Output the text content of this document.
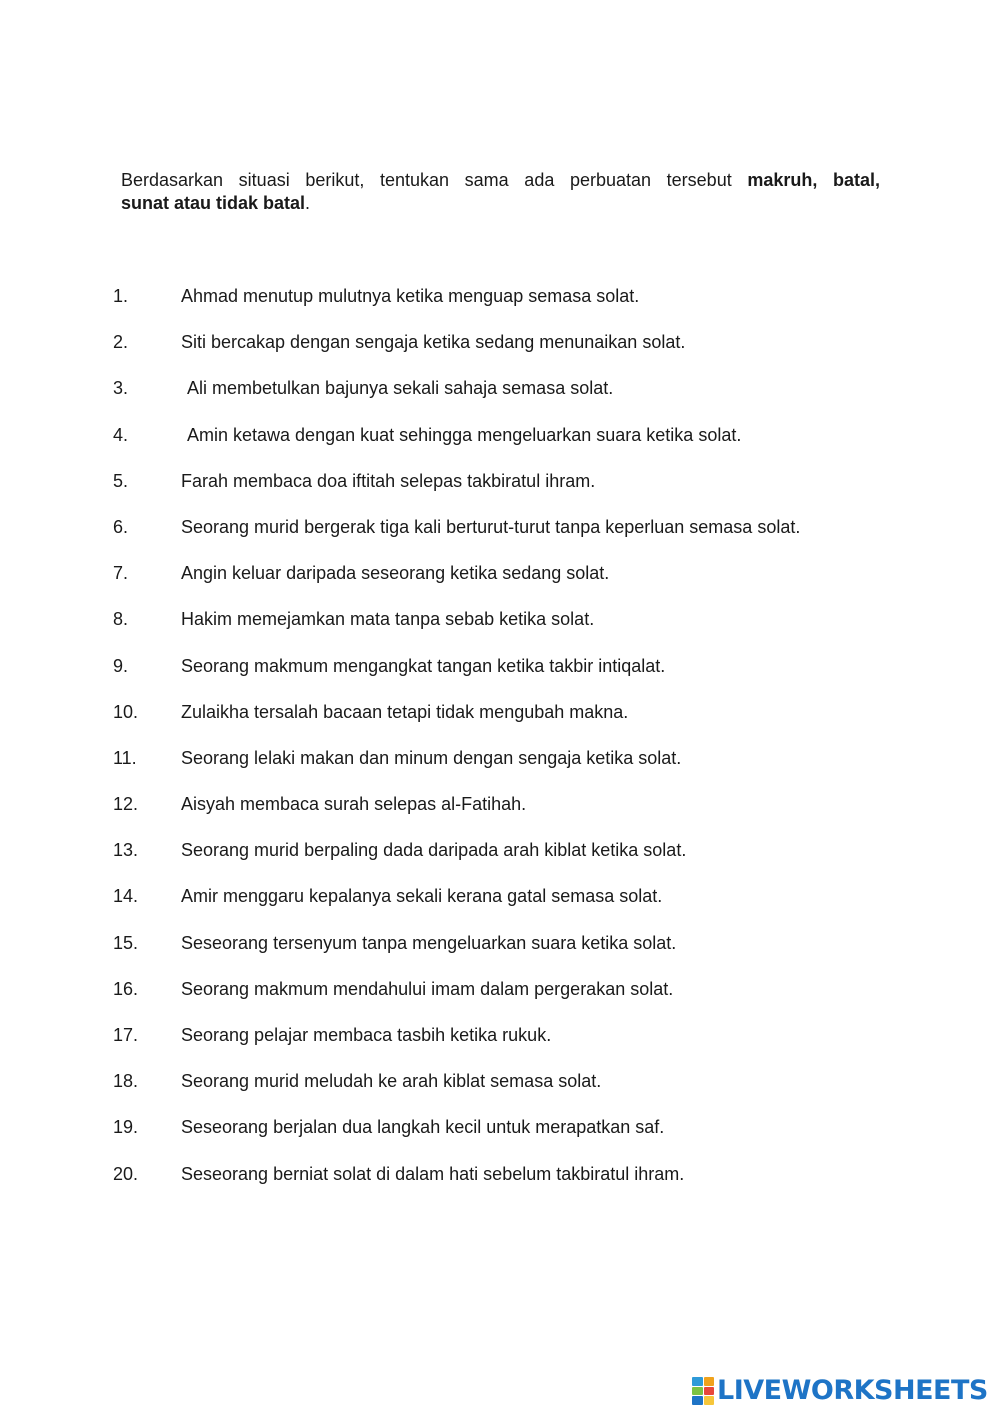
Berdasarkan situasi berikut, tentukan sama ada perbuatan tersebut makruh, batal,
sunat atau tidak batal.
1.	Ahmad menutup mulutnya ketika menguap semasa solat.
2.	Siti bercakap dengan sengaja ketika sedang menunaikan solat.
3.	Ali membetulkan bajunya sekali sahaja semasa solat.
4.	Amin ketawa dengan kuat sehingga mengeluarkan suara ketika solat.
5.	Farah membaca doa iftitah selepas takbiratul ihram.
6.	Seorang murid bergerak tiga kali berturut-turut tanpa keperluan semasa solat.
7.	Angin keluar daripada seseorang ketika sedang solat.
8.	Hakim memejamkan mata tanpa sebab ketika solat.
9.	Seorang makmum mengangkat tangan ketika takbir intiqalat.
10. Zulaikha tersalah bacaan tetapi tidak mengubah makna.
11. Seorang lelaki makan dan minum dengan sengaja ketika solat.
12. Aisyah membaca surah selepas al-Fatihah.
13. Seorang murid berpaling dada daripada arah kiblat ketika solat.
14. Amir menggaru kepalanya sekali kerana gatal semasa solat.
15. Seseorang tersenyum tanpa mengeluarkan suara ketika solat.
16. Seorang makmum mendahului imam dalam pergerakan solat.
17. Seorang pelajar membaca tasbih ketika rukuk.
18. Seorang murid meludah ke arah kiblat semasa solat.
19. Seseorang berjalan dua langkah kecil untuk merapatkan saf.
20. Seseorang berniat solat di dalam hati sebelum takbiratul ihram.
LIVEWORKSHEETS
